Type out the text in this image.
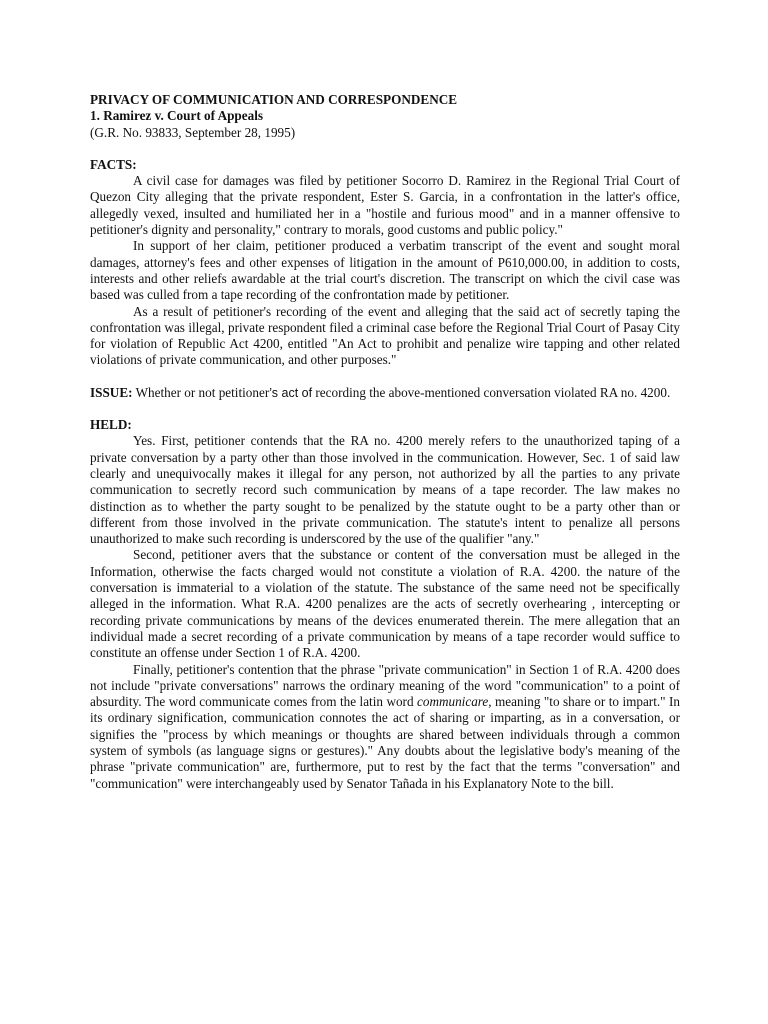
PRIVACY OF COMMUNICATION AND CORRESPONDENCE

1. Ramirez v. Court of Appeals

(G.R. No. 93833, September 28, 1995)

FACTS:

A civil case for damages was filed by petitioner Socorro D. Ramirez in the Regional Trial Court of Quezon City alleging that the private respondent, Ester S. Garcia, in a confrontation in the latter's office, allegedly vexed, insulted and humiliated her in a "hostile and furious mood" and in a manner offensive to petitioner's dignity and personality," contrary to morals, good customs and public policy."

In support of her claim, petitioner produced a verbatim transcript of the event and sought moral damages, attorney's fees and other expenses of litigation in the amount of P610,000.00, in addition to costs, interests and other reliefs awardable at the trial court's discretion. The transcript on which the civil case was based was culled from a tape recording of the confrontation made by petitioner.

As a result of petitioner's recording of the event and alleging that the said act of secretly taping the confrontation was illegal, private respondent filed a criminal case before the Regional Trial Court of Pasay City for violation of Republic Act 4200, entitled "An Act to prohibit and penalize wire tapping and other related violations of private communication, and other purposes."

ISSUE: Whether or not petitioner’s act of recording the above-mentioned conversation violated RA no. 4200.

HELD:

Yes. First, petitioner contends that the RA no. 4200 merely refers to the unauthorized taping of a private conversation by a party other than those involved in the communication. However, Sec. 1 of said law clearly and unequivocally makes it illegal for any person, not authorized by all the parties to any private communication to secretly record such communication by means of a tape recorder. The law makes no distinction as to whether the party sought to be penalized by the statute ought to be a party other than or different from those involved in the private communication. The statute's intent to penalize all persons unauthorized to make such recording is underscored by the use of the qualifier "any."

Second, petitioner avers that the substance or content of the conversation must be alleged in the Information, otherwise the facts charged would not constitute a violation of R.A. 4200. the nature of the conversation is immaterial to a violation of the statute. The substance of the same need not be specifically alleged in the information. What R.A. 4200 penalizes are the acts of secretly overhearing , intercepting or recording private communications by means of the devices enumerated therein. The mere allegation that an individual made a secret recording of a private communication by means of a tape recorder would suffice to constitute an offense under Section 1 of R.A. 4200.

Finally, petitioner's contention that the phrase "private communication" in Section 1 of R.A. 4200 does not include "private conversations" narrows the ordinary meaning of the word "communication" to a point of absurdity. The word communicate comes from the latin word communicare, meaning "to share or to impart." In its ordinary signification, communication connotes the act of sharing or imparting, as in a conversation, or signifies the "process by which meanings or thoughts are shared between individuals through a common system of symbols (as language signs or gestures)." Any doubts about the legislative body's meaning of the phrase "private communication" are, furthermore, put to rest by the fact that the terms "conversation" and "communication" were interchangeably used by Senator Tañada in his Explanatory Note to the bill.
